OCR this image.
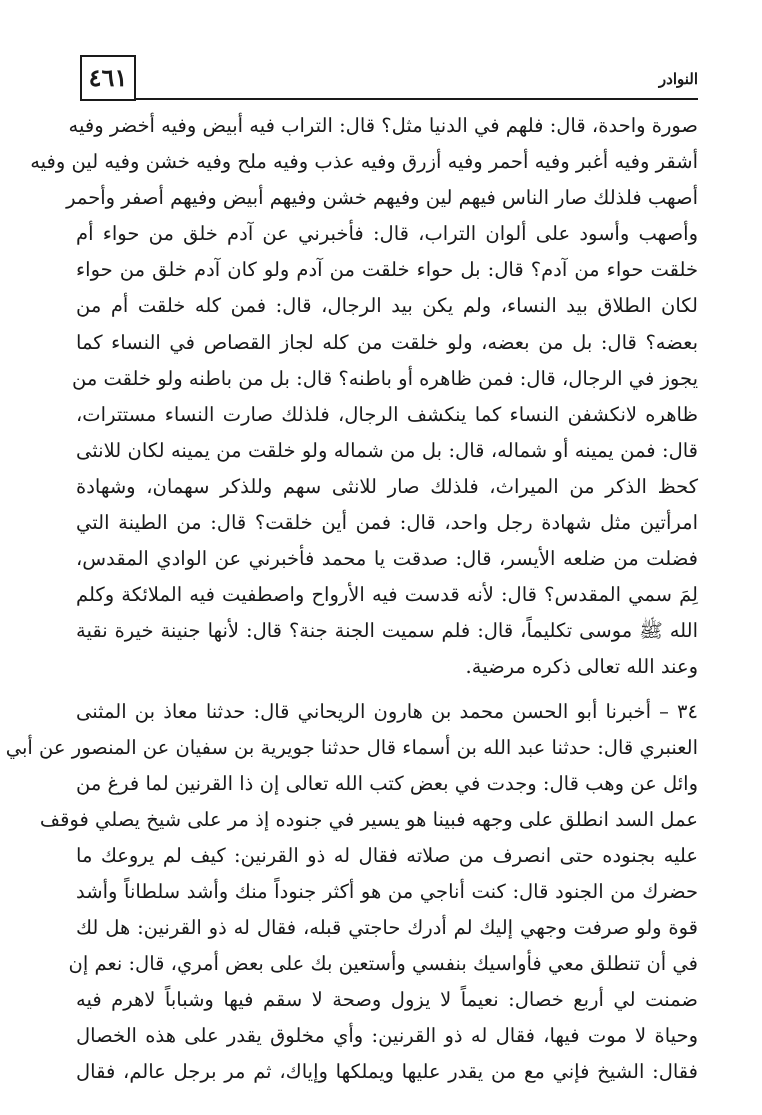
٤٦١	النوادر
صورة واحدة، قال: فلهم في الدنيا مثل؟ قال: التراب فيه أبيض وفيه أخضر وفيه
أشقر وفيه أغبر وفيه أحمر وفيه أزرق وفيه عذب وفيه ملح وفيه خشن وفيه لين وفيه
أصهب فلذلك صار الناس فيهم لين وفيهم خشن وفيهم أبيض وفيهم أصفر وأحمر
وأصهب وأسود على ألوان التراب، قال: فأخبرني عن آدم خلق من حواء أم
خلقت حواء من آدم؟ قال: بل حواء خلقت من آدم ولو كان آدم خلق من حواء
لكان الطلاق بيد النساء، ولم يكن بيد الرجال، قال: فمن كله خلقت أم من
بعضه؟ قال: بل من بعضه، ولو خلقت من كله لجاز القصاص في النساء كما
يجوز في الرجال، قال: فمن ظاهره أو باطنه؟ قال: بل من باطنه ولو خلقت من
ظاهره لانكشفن النساء كما ينكشف الرجال، فلذلك صارت النساء مستترات،
قال: فمن يمينه أو شماله، قال: بل من شماله ولو خلقت من يمينه لكان للانثى
كحظ الذكر من الميراث، فلذلك صار للانثى سهم وللذكر سهمان، وشهادة
امرأتين مثل شهادة رجل واحد، قال: فمن أين خلقت؟ قال: من الطينة التي
فضلت من ضلعه الأيسر، قال: صدقت يا محمد فأخبرني عن الوادي المقدس،
لِمَ سمي المقدس؟ قال: لأنه قدست فيه الأرواح واصطفيت فيه الملائكة وكلم
الله ﷺ موسى تكليماً، قال: فلم سميت الجنة جنة؟ قال: لأنها جنينة خيرة نقية
وعند الله تعالى ذكره مرضية.
٣٤ – أخبرنا أبو الحسن محمد بن هارون الريحاني قال: حدثنا معاذ بن المثنى
العنبري قال: حدثنا عبد الله بن أسماء قال حدثنا جويرية بن سفيان عن المنصور عن أبي
وائل عن وهب قال: وجدت في بعض كتب الله تعالى إن ذا القرنين لما فرغ من
عمل السد انطلق على وجهه فبينا هو يسير في جنوده إذ مر على شيخ يصلي فوقف
عليه بجنوده حتى انصرف من صلاته فقال له ذو القرنين: كيف لم يروعك ما
حضرك من الجنود قال: كنت أناجي من هو أكثر جنوداً منك وأشد سلطاناً وأشد
قوة ولو صرفت وجهي إليك لم أدرك حاجتي قبله، فقال له ذو القرنين: هل لك
في أن تنطلق معي فأواسيك بنفسي وأستعين بك على بعض أمري، قال: نعم إن
ضمنت لي أربع خصال: نعيماً لا يزول وصحة لا سقم فيها وشباباً لاهرم فيه
وحياة لا موت فيها، فقال له ذو القرنين: وأي مخلوق يقدر على هذه الخصال
فقال: الشيخ فإني مع من يقدر عليها ويملكها وإياك، ثم مر برجل عالم، فقال
